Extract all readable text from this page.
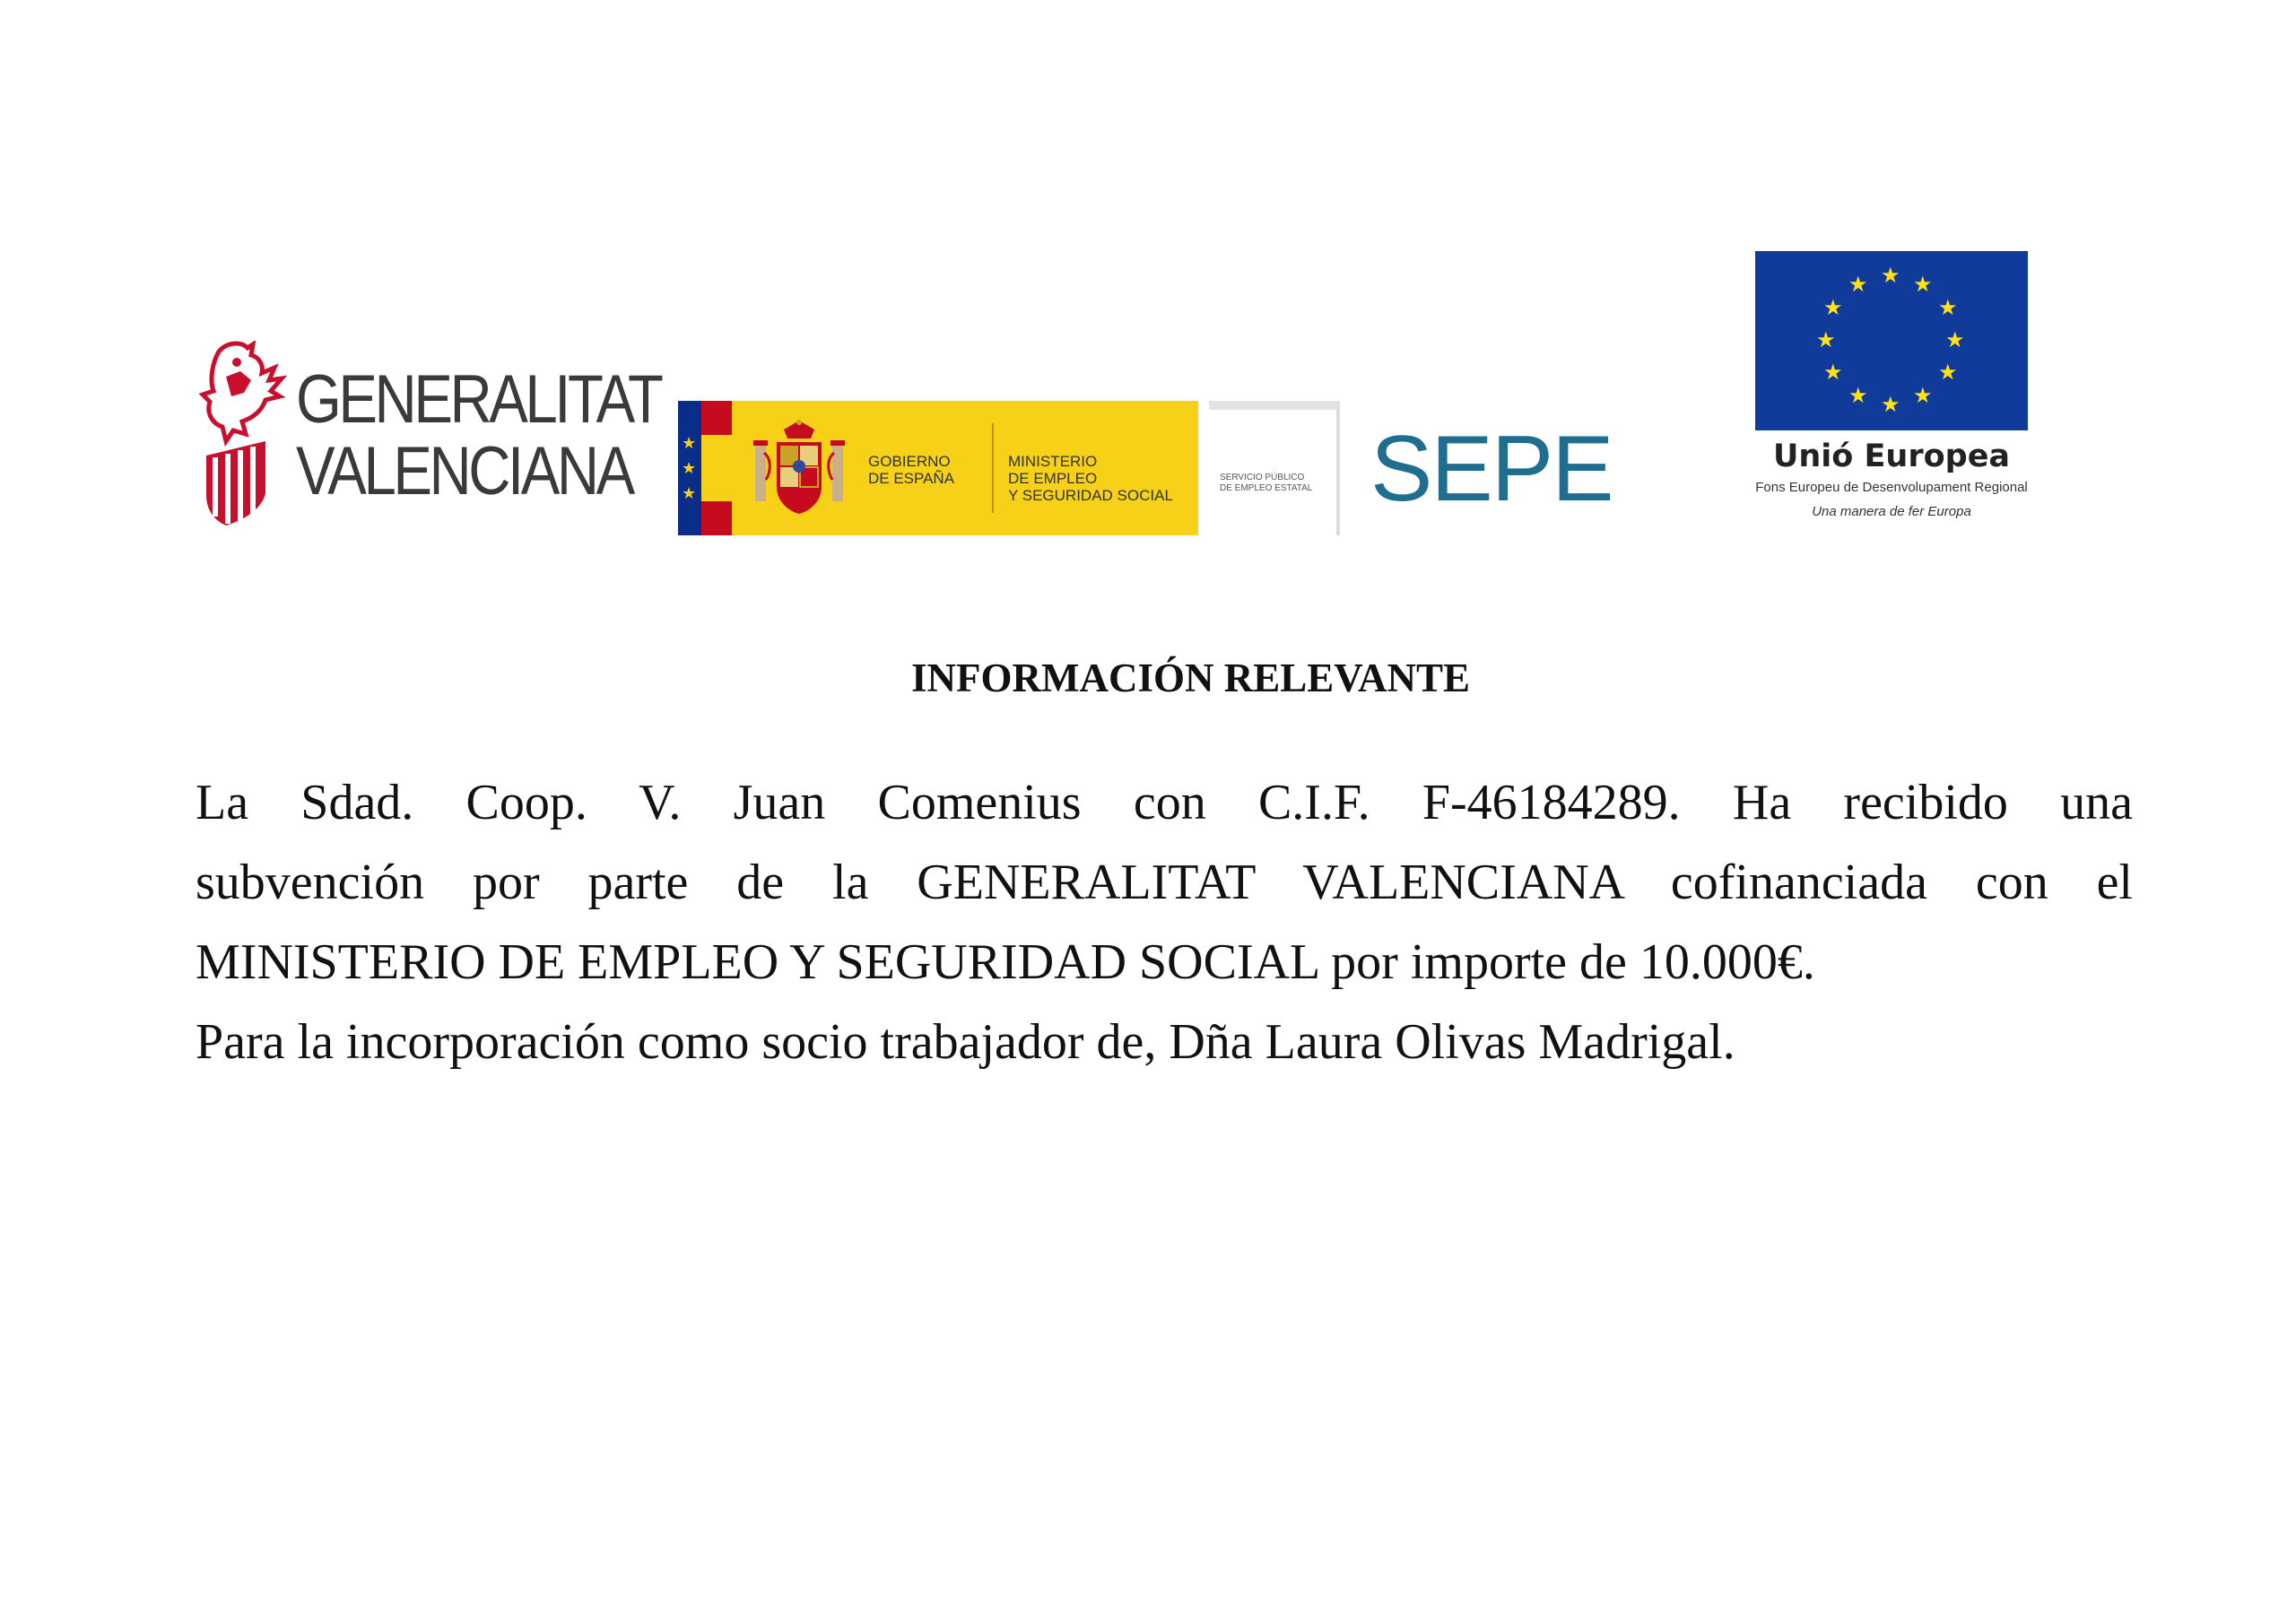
GENERALITAT
VALENCIANA	★
★
★
GOBIERNO
DE ESPAÑA
MINISTERIO
DE EMPLEO
Y SEGURIDAD SOCIAL
SERVICIO PÚBLICO
DE EMPLEO ESTATAL SEPE
★ ★
★
★
★
★
★
★
★
★
★
★
Unió Europea
Fons Europeu de Desenvolupament Regional
Una manera de fer Europa
INFORMACIÓN RELEVANTE
La Sdad. Coop. V. Juan Comenius con C.I.F. F-46184289. Ha recibido una
subvención por parte de la GENERALITAT VALENCIANA cofinanciada con el
MINISTERIO DE EMPLEO Y SEGURIDAD SOCIAL por importe de 10.000€.
Para la incorporación como socio trabajador de, Dña Laura Olivas Madrigal.
